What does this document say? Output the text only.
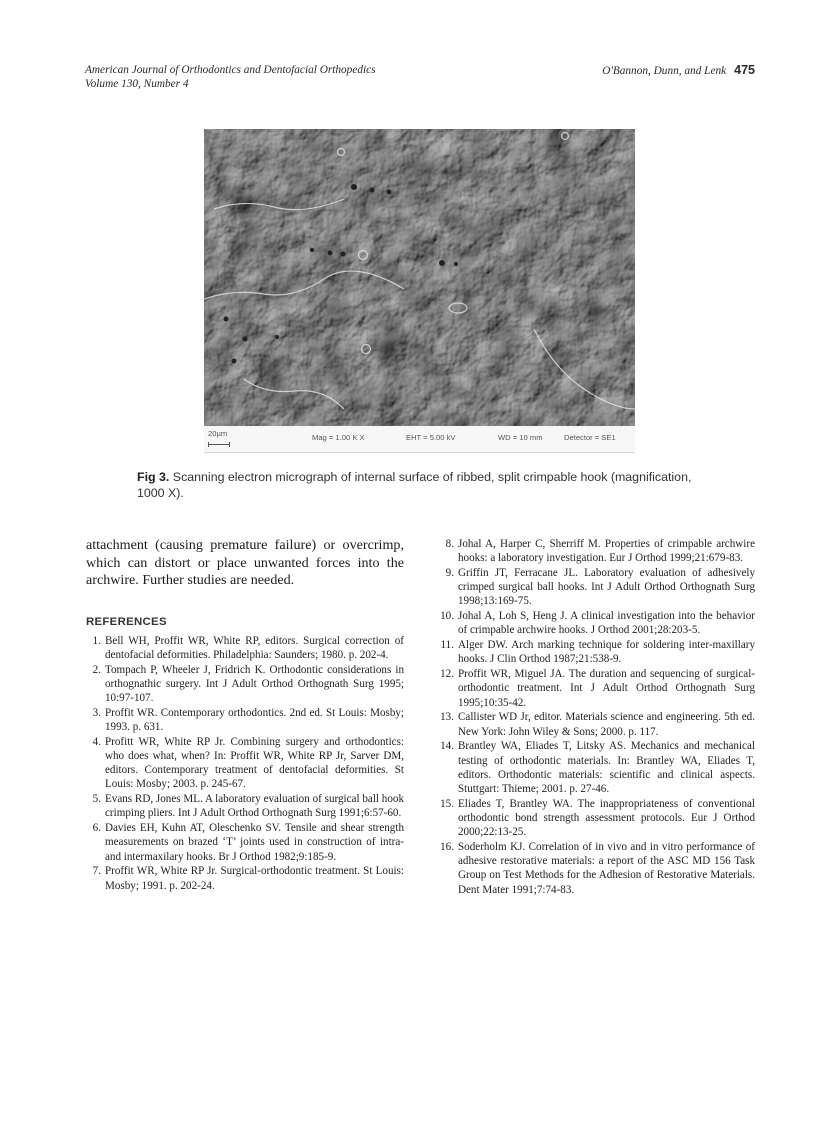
American Journal of Orthodontics and Dentofacial Orthopedics
Volume 130, Number 4
O'Bannon, Dunn, and Lenk 475
20µm	Mag = 1.00 K X	EHT = 5.00 kV	WD = 10 mm	Detector = SE1
Fig 3. Scanning electron micrograph of internal surface of ribbed, split crimpable hook (magnification, 1000 X).

attachment (causing premature failure) or overcrimp, which can distort or place unwanted forces into the archwire. Further studies are needed.

REFERENCES
1. Bell WH, Proffit WR, White RP, editors. Surgical correction of dentofacial deformities. Philadelphia: Saunders; 1980. p. 202-4.
2. Tompach P, Wheeler J, Fridrich K. Orthodontic considerations in orthognathic surgery. Int J Adult Orthod Orthognath Surg 1995; 10:97-107.
3. Proffit WR. Contemporary orthodontics. 2nd ed. St Louis: Mosby; 1993. p. 631.
4. Profitt WR, White RP Jr. Combining surgery and orthodontics: who does what, when? In: Proffit WR, White RP Jr, Sarver DM, editors. Contemporary treatment of dentofacial deformities. St Louis: Mosby; 2003. p. 245-67.
5. Evans RD, Jones ML. A laboratory evaluation of surgical ball hook crimping pliers. Int J Adult Orthod Orthognath Surg 1991;6:57-60.
6. Davies EH, Kuhn AT, Oleschenko SV. Tensile and shear strength measurements on brazed ‘T’ joints used in construction of intra- and intermaxilary hooks. Br J Orthod 1982;9:185-9.
7. Proffit WR, White RP Jr. Surgical-orthodontic treatment. St Louis: Mosby; 1991. p. 202-24.
8. Johal A, Harper C, Sherriff M. Properties of crimpable archwire hooks: a laboratory investigation. Eur J Orthod 1999;21:679-83.
9. Griffin JT, Ferracane JL. Laboratory evaluation of adhesively crimped surgical ball hooks. Int J Adult Orthod Orthognath Surg 1998;13:169-75.
10. Johal A, Loh S, Heng J. A clinical investigation into the behavior of crimpable archwire hooks. J Orthod 2001;28:203-5.
11. Alger DW. Arch marking technique for soldering inter-maxillary hooks. J Clin Orthod 1987;21:538-9.
12. Proffit WR, Miguel JA. The duration and sequencing of surgical-orthodontic treatment. Int J Adult Orthod Orthognath Surg 1995;10:35-42.
13. Callister WD Jr, editor. Materials science and engineering. 5th ed. New York: John Wiley & Sons; 2000. p. 117.
14. Brantley WA, Eliades T, Litsky AS. Mechanics and mechanical testing of orthodontic materials. In: Brantley WA, Eliades T, editors. Orthodontic materials: scientific and clinical aspects. Stuttgart: Thieme; 2001. p. 27-46.
15. Eliades T, Brantley WA. The inappropriateness of conventional orthodontic bond strength assessment protocols. Eur J Orthod 2000;22:13-25.
16. Soderholm KJ. Correlation of in vivo and in vitro performance of adhesive restorative materials: a report of the ASC MD 156 Task Group on Test Methods for the Adhesion of Restorative Materials. Dent Mater 1991;7:74-83.
